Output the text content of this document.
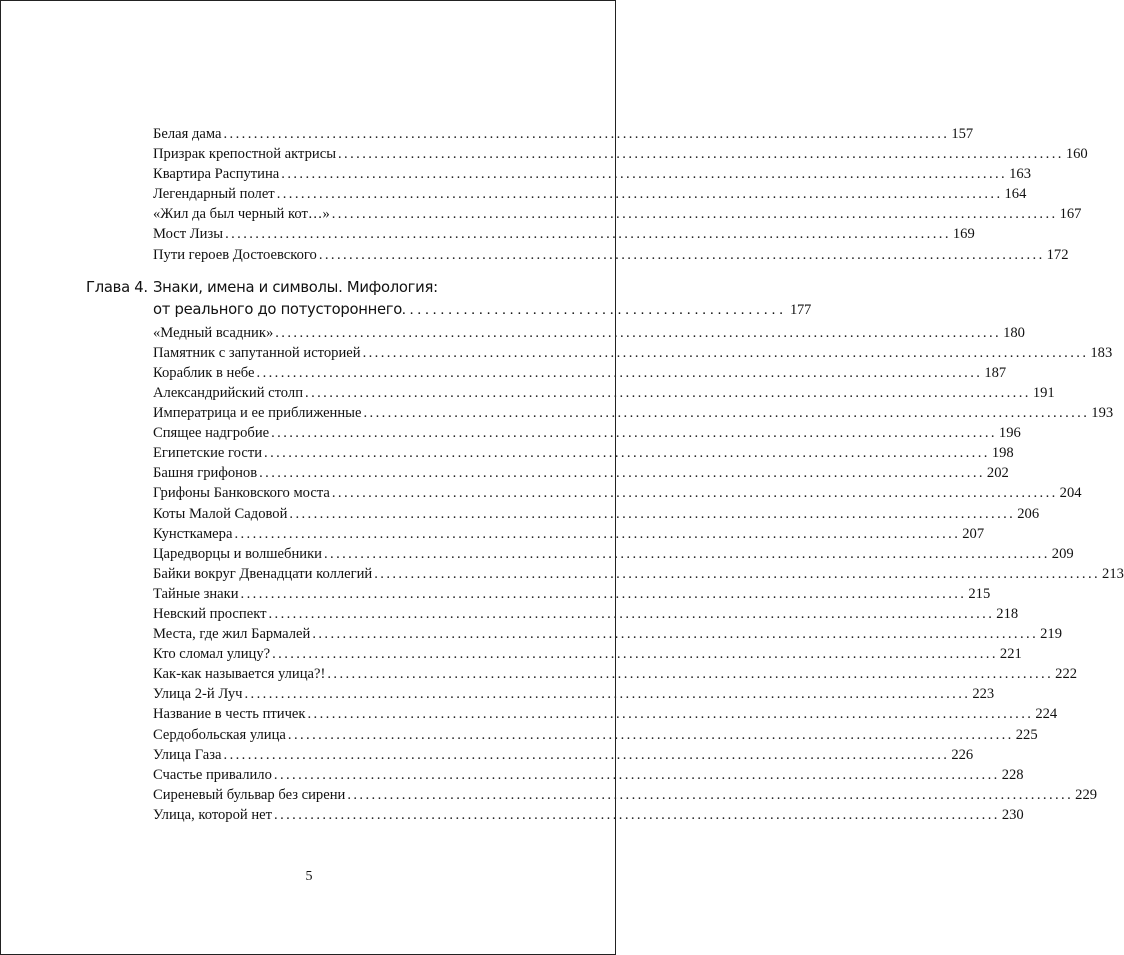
Белая дама ........................................................................................................................ 157
Призрак крепостной актрисы ........................................................................................................................ 160
Квартира Распутина ........................................................................................................................ 163
Легендарный полет ........................................................................................................................ 164
«Жил да был черный кот…» ........................................................................................................................ 167
Мост Лизы ........................................................................................................................ 169
Пути героев Достоевского ........................................................................................................................ 172
Глава 4. Знаки, имена и символы. Мифология:
от реального до потустороннего .................................................. 177
«Медный всадник» ........................................................................................................................ 180
Памятник с запутанной историей ........................................................................................................................ 183
Кораблик в небе ........................................................................................................................ 187
Александрийский столп ........................................................................................................................ 191
Императрица и ее приближенные ........................................................................................................................ 193
Спящее надгробие ........................................................................................................................ 196
Египетские гости ........................................................................................................................ 198
Башня грифонов ........................................................................................................................ 202
Грифоны Банковского моста ........................................................................................................................ 204
Коты Малой Садовой ........................................................................................................................ 206
Кунсткамера ........................................................................................................................ 207
Царедворцы и волшебники ........................................................................................................................ 209
Байки вокруг Двенадцати коллегий ........................................................................................................................ 213
Тайные знаки ........................................................................................................................ 215
Невский проспект ........................................................................................................................ 218
Места, где жил Бармалей ........................................................................................................................ 219
Кто сломал улицу? ........................................................................................................................ 221
Как-как называется улица?! ........................................................................................................................ 222
Улица 2-й Луч ........................................................................................................................ 223
Название в честь птичек ........................................................................................................................ 224
Сердобольская улица ........................................................................................................................ 225
Улица Газа ........................................................................................................................ 226
Счастье привалило ........................................................................................................................ 228
Сиреневый бульвар без сирени ........................................................................................................................ 229
Улица, которой нет ........................................................................................................................ 230
5
